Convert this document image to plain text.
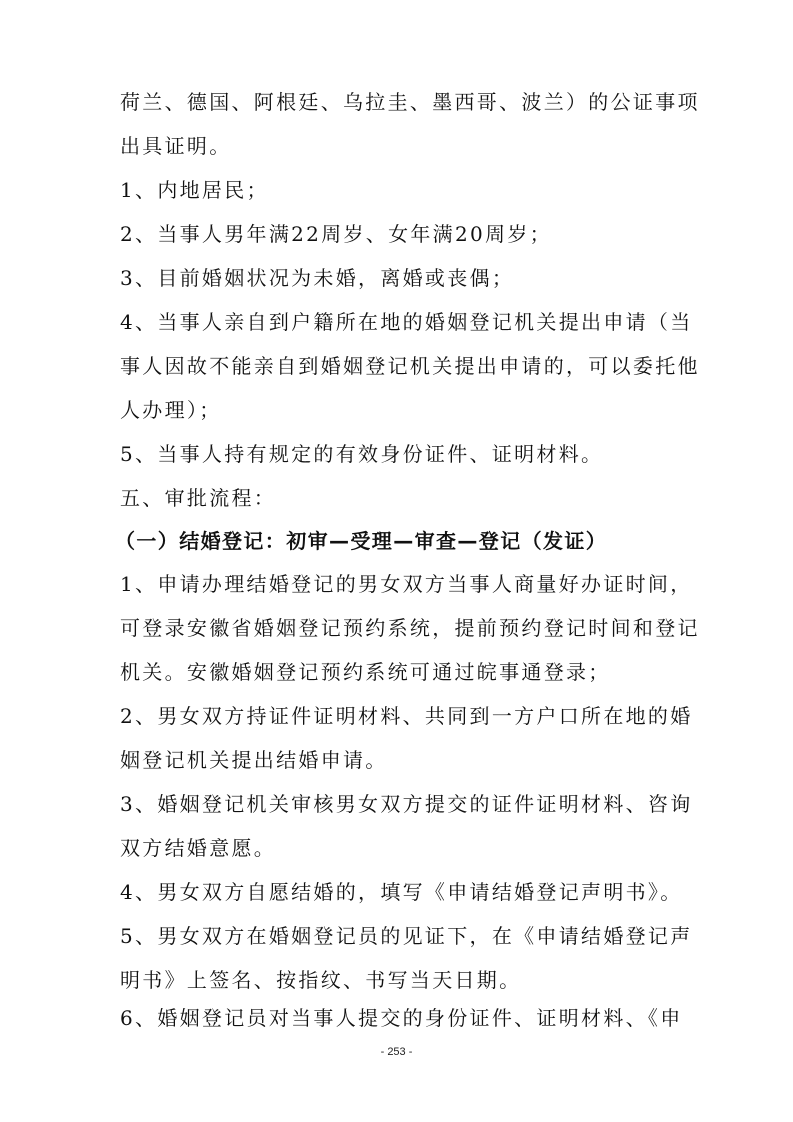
荷兰、德国、阿根廷、乌拉圭、墨西哥、波兰）的公证事项
出具证明。
1、内地居民；
2、当事人男年满22周岁、女年满20周岁；
3、目前婚姻状况为未婚，离婚或丧偶；
4、当事人亲自到户籍所在地的婚姻登记机关提出申请（当
事人因故不能亲自到婚姻登记机关提出申请的，可以委托他
人办理）；
5、当事人持有规定的有效身份证件、证明材料。
五、审批流程：
（一）结婚登记：初审—受理—审查—登记（发证）
1、申请办理结婚登记的男女双方当事人商量好办证时间，
可登录安徽省婚姻登记预约系统，提前预约登记时间和登记
机关。安徽婚姻登记预约系统可通过皖事通登录；
2、男女双方持证件证明材料、共同到一方户口所在地的婚
姻登记机关提出结婚申请。
3、婚姻登记机关审核男女双方提交的证件证明材料、咨询
双方结婚意愿。
4、男女双方自愿结婚的，填写《申请结婚登记声明书》。
5、男女双方在婚姻登记员的见证下，在《申请结婚登记声
明书》上签名、按指纹、书写当天日期。
6、婚姻登记员对当事人提交的身份证件、证明材料、《申
- 253 -
